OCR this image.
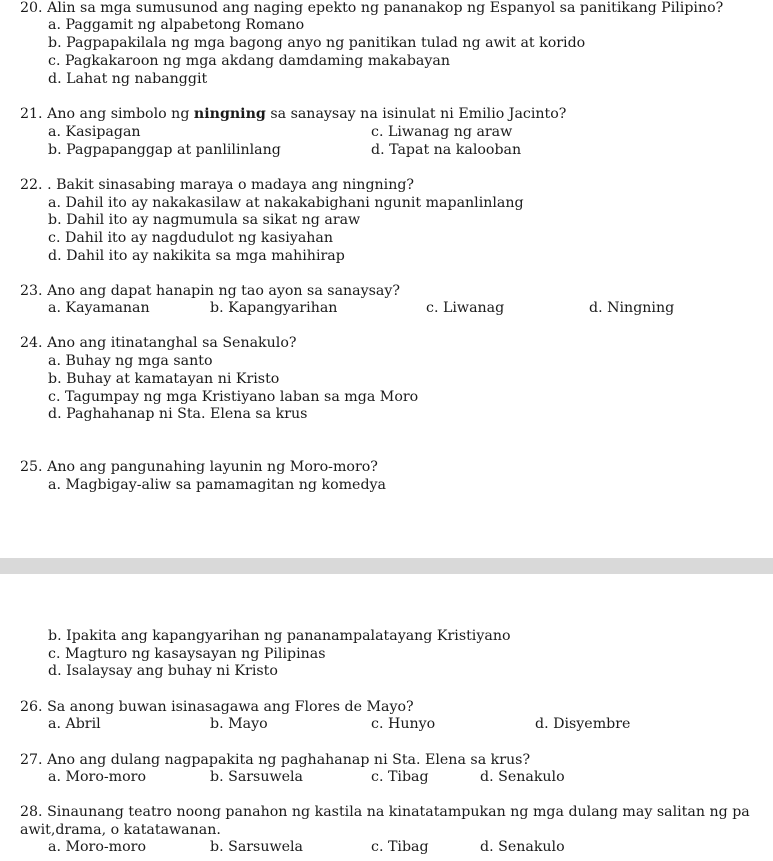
20. Alin sa mga sumusunod ang naging epekto ng pananakop ng Espanyol sa panitikang Pilipino?
a. Paggamit ng alpabetong Romano
b. Pagpapakilala ng mga bagong anyo ng panitikan tulad ng awit at korido
c. Pagkakaroon ng mga akdang damdaming makabayan
d. Lahat ng nabanggit
21. Ano ang simbolo ng ningning sa sanaysay na isinulat ni Emilio Jacinto?
a. Kasipagan	c. Liwanag ng araw
b. Pagpapanggap at panlilinlang	d. Tapat na kalooban
22. . Bakit sinasabing maraya o madaya ang ningning?
a. Dahil ito ay nakakasilaw at nakakabighani ngunit mapanlinlang
b. Dahil ito ay nagmumula sa sikat ng araw
c. Dahil ito ay nagdudulot ng kasiyahan
d. Dahil ito ay nakikita sa mga mahihirap
23. Ano ang dapat hanapin ng tao ayon sa sanaysay?
a. Kayamanan	b. Kapangyarihan	c. Liwanag	d. Ningning
24. Ano ang itinatanghal sa Senakulo?
a. Buhay ng mga santo
b. Buhay at kamatayan ni Kristo
c. Tagumpay ng mga Kristiyano laban sa mga Moro
d. Paghahanap ni Sta. Elena sa krus
25. Ano ang pangunahing layunin ng Moro-moro?
a. Magbigay-aliw sa pamamagitan ng komedya
b. Ipakita ang kapangyarihan ng pananampalatayang Kristiyano
c. Magturo ng kasaysayan ng Pilipinas
d. Isalaysay ang buhay ni Kristo
26. Sa anong buwan isinasagawa ang Flores de Mayo?
a. Abril	b. Mayo	c. Hunyo	d. Disyembre
27. Ano ang dulang nagpapakita ng paghahanap ni Sta. Elena sa krus?
a. Moro-moro	b. Sarsuwela	c. Tibag	d. Senakulo
28. Sinaunang teatro noong panahon ng kastila na kinatatampukan ng mga dulang may salitan ng pa
awit,drama, o katatawanan.
a. Moro-moro	b. Sarsuwela	c. Tibag	d. Senakulo
